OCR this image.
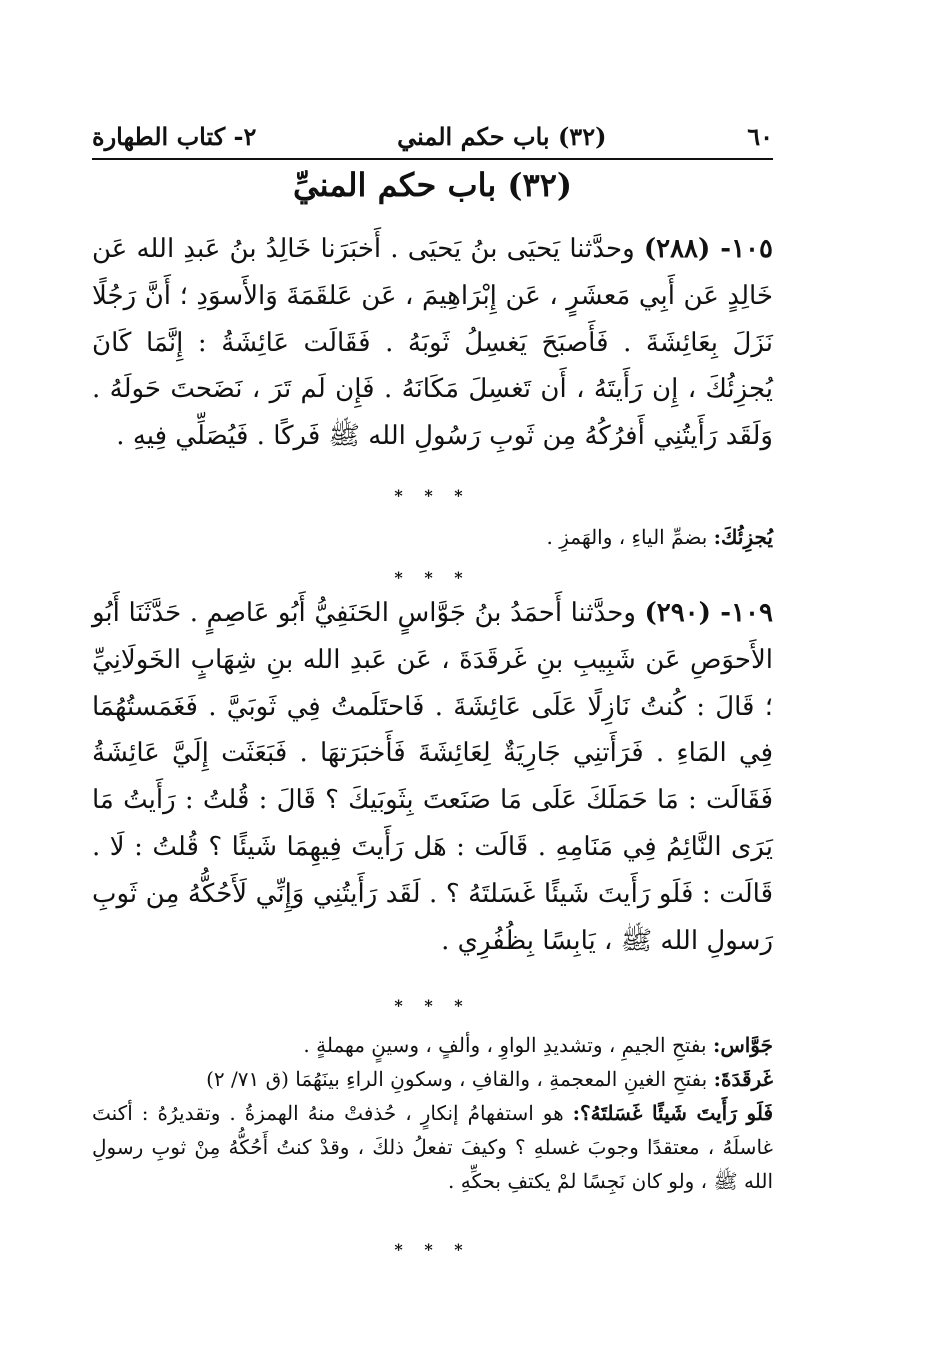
٦٠
(٣٢) باب حكم المني
٢- كتاب الطهارة
(٣٢) باب حكم المنيِّ

١٠٥- (٢٨٨) وحدَّثنا يَحيَى بنُ يَحيَى . أَخبَرَنا خَالِدُ بنُ عَبدِ الله عَن خَالِدٍ عَن أَبِي مَعشَرٍ ، عَن إِبْرَاهِيمَ ، عَن عَلقَمَةَ وَالأَسوَدِ ؛ أَنَّ رَجُلًا نَزَلَ بِعَائِشَةَ . فَأَصبَحَ يَغسِلُ ثَوبَهُ . فَقَالَت عَائِشَةُ : إِنَّمَا كَانَ يُجزِئُكَ ، إِن رَأَيتَهُ ، أَن تَغسِلَ مَكَانَهُ . فَإِن لَم تَرَ ، نَضَحتَ حَولَهُ . وَلَقَد رَأَيتُنِي أَفرُكُهُ مِن ثَوبِ رَسُولِ الله ﷺ فَركًا . فَيُصَلِّي فِيهِ .

* * *

يُجزِئُكَ: بضمِّ الياءِ ، والهَمزِ .

* * *

١٠٩- (٢٩٠) وحدَّثنا أَحمَدُ بنُ جَوَّاسٍ الحَنَفِيُّ أَبُو عَاصِمٍ . حَدَّثَنَا أَبُو الأَحوَصِ عَن شَبِيبِ بنِ غَرقَدَةَ ، عَن عَبدِ الله بنِ شِهَابٍ الخَولَانِيِّ ؛ قَالَ : كُنتُ نَازِلًا عَلَى عَائِشَةَ . فَاحتَلَمتُ فِي ثَوبَيَّ . فَغَمَستُهُمَا فِي المَاءِ . فَرَأَتنِي جَارِيَةٌ لِعَائِشَةَ فَأَخبَرَتهَا . فَبَعَثَت إِلَيَّ عَائِشَةُ فَقَالَت : مَا حَمَلَكَ عَلَى مَا صَنَعتَ بِثَوبَيكَ ؟ قَالَ : قُلتُ : رَأَيتُ مَا يَرَى النَّائِمُ فِي مَنَامِهِ . قَالَت : هَل رَأَيتَ فِيهِمَا شَيئًا ؟ قُلتُ : لَا . قَالَت : فَلَو رَأَيتَ شَيئًا غَسَلتَهُ ؟ . لَقَد رَأَيتُنِي وَإِنِّي لَأَحُكُّهُ مِن ثَوبِ رَسولِ الله ﷺ ، يَابِسًا بِظُفُرِي .

* * *

جَوَّاس: بفتحِ الجيمِ ، وتشديدِ الواوِ ، وألفٍ ، وسينٍ مهملةٍ .

غَرقَدَةَ: بفتحِ الغينِ المعجمةِ ، والقافِ ، وسكونِ الراءِ بينَهُمَا (ق ٧١/ ٢)

فَلَو رَأَيتَ شَيئًا غَسَلتَهُ؟: هو استفهامُ إنكارٍ ، حُذفتْ منهُ الهمزةُ . وتقديرُهُ : أكنتَ غاسلَهُ ، معتقدًا وجوبَ غسلهِ ؟ وكيفَ تفعلُ ذلكَ ، وقدْ كنتُ أَحُكُّهُ مِنْ ثوبِ رسولِ الله ﷺ ، ولو كان نَجِسًا لمْ يكتفِ بحكِّهِ .

* * *
